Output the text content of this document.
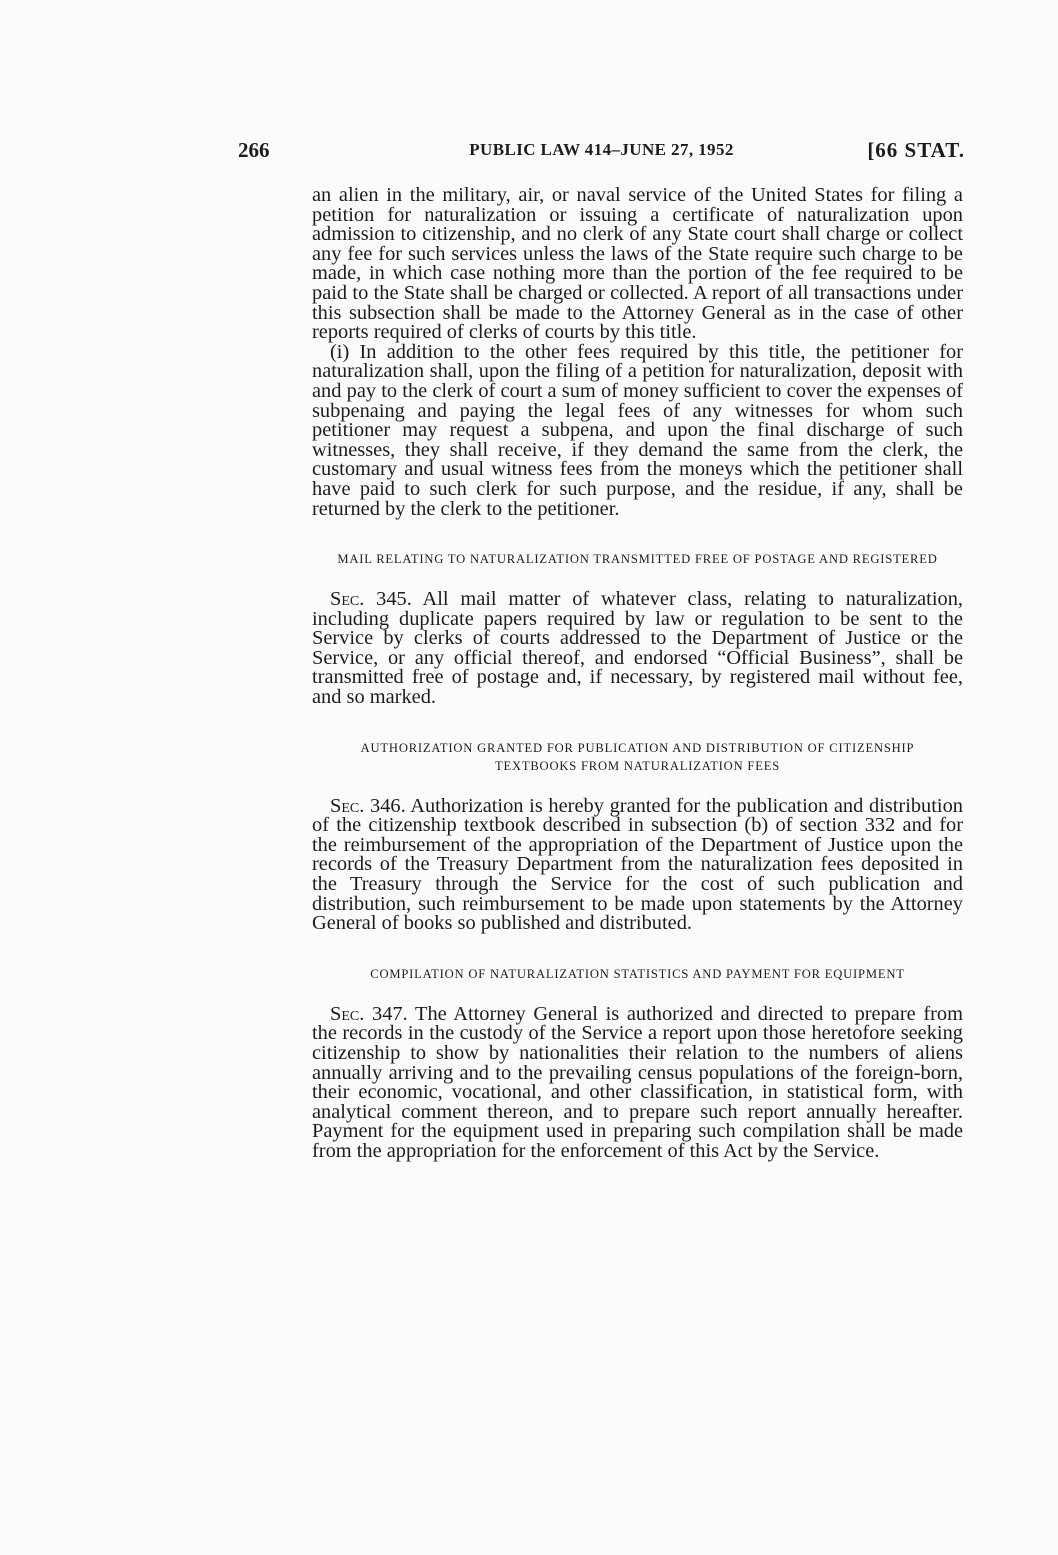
266	PUBLIC LAW 414–JUNE 27, 1952	[66 STAT.

an alien in the military, air, or naval service of the United States for filing a petition for naturalization or issuing a certificate of naturalization upon admission to citizenship, and no clerk of any State court shall charge or collect any fee for such services unless the laws of the State require such charge to be made, in which case nothing more than the portion of the fee required to be paid to the State shall be charged or collected. A report of all transactions under this subsection shall be made to the Attorney General as in the case of other reports required of clerks of courts by this title.

(i) In addition to the other fees required by this title, the petitioner for naturalization shall, upon the filing of a petition for naturalization, deposit with and pay to the clerk of court a sum of money sufficient to cover the expenses of subpenaing and paying the legal fees of any witnesses for whom such petitioner may request a subpena, and upon the final discharge of such witnesses, they shall receive, if they demand the same from the clerk, the customary and usual witness fees from the moneys which the petitioner shall have paid to such clerk for such purpose, and the residue, if any, shall be returned by the clerk to the petitioner.

MAIL RELATING TO NATURALIZATION TRANSMITTED FREE OF POSTAGE AND REGISTERED

Sec. 345. All mail matter of whatever class, relating to naturalization, including duplicate papers required by law or regulation to be sent to the Service by clerks of courts addressed to the Department of Justice or the Service, or any official thereof, and endorsed “Official Business”, shall be transmitted free of postage and, if necessary, by registered mail without fee, and so marked.

AUTHORIZATION GRANTED FOR PUBLICATION AND DISTRIBUTION OF CITIZENSHIP TEXTBOOKS FROM NATURALIZATION FEES

Sec. 346. Authorization is hereby granted for the publication and distribution of the citizenship textbook described in subsection (b) of section 332 and for the reimbursement of the appropriation of the Department of Justice upon the records of the Treasury Department from the naturalization fees deposited in the Treasury through the Service for the cost of such publication and distribution, such reimbursement to be made upon statements by the Attorney General of books so published and distributed.

COMPILATION OF NATURALIZATION STATISTICS AND PAYMENT FOR EQUIPMENT

Sec. 347. The Attorney General is authorized and directed to prepare from the records in the custody of the Service a report upon those heretofore seeking citizenship to show by nationalities their relation to the numbers of aliens annually arriving and to the prevailing census populations of the foreign-born, their economic, vocational, and other classification, in statistical form, with analytical comment thereon, and to prepare such report annually hereafter. Payment for the equipment used in preparing such compilation shall be made from the appropriation for the enforcement of this Act by the Service.
